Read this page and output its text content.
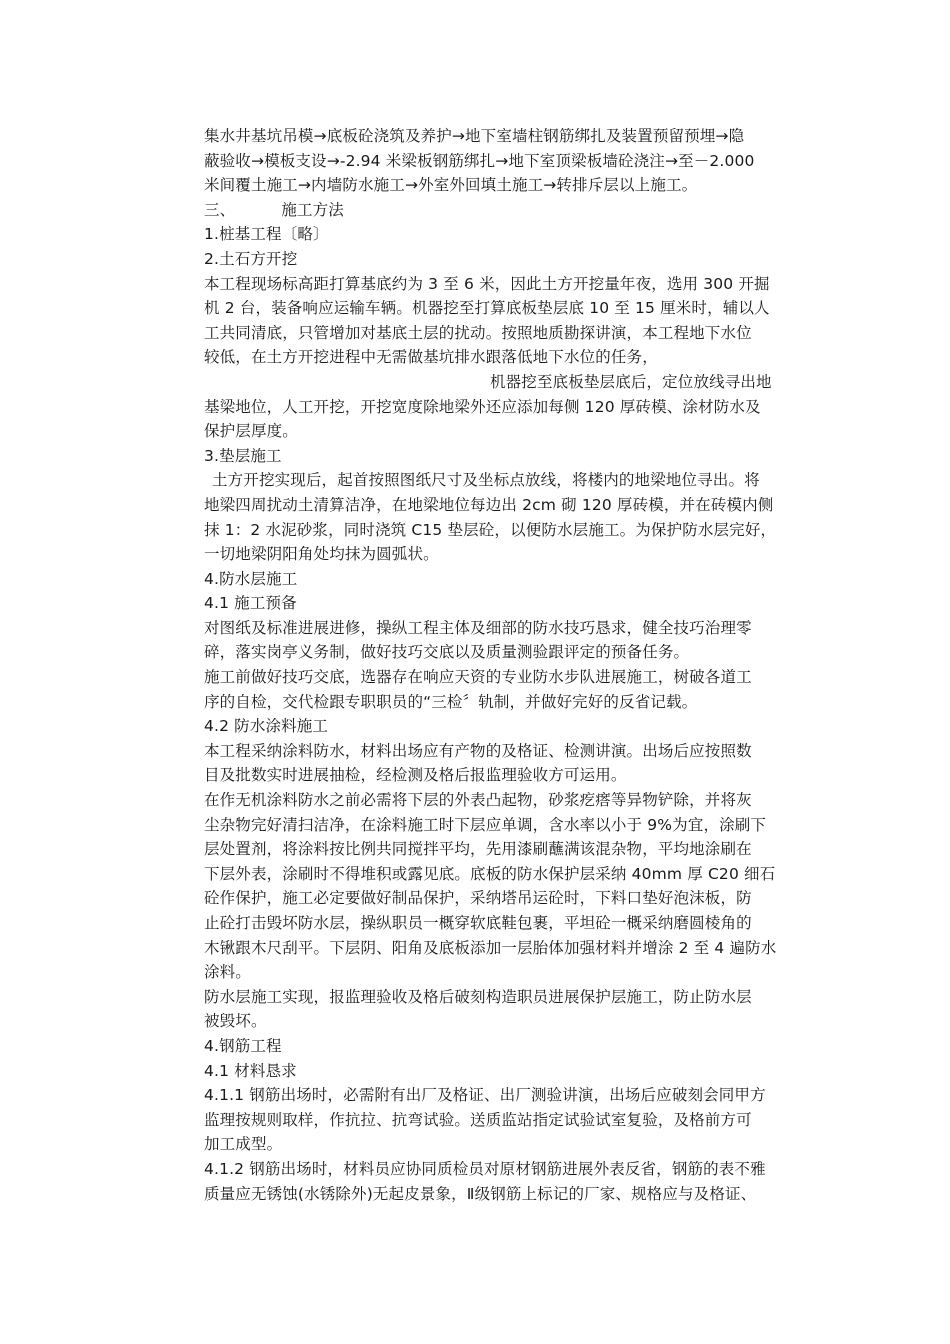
集水井基坑吊模→底板砼浇筑及养护→地下室墙柱钢筋绑扎及装置预留预埋→隐
蔽验收→模板支设→-2.94 米梁板钢筋绑扎→地下室顶梁板墙砼浇注→至－2.000
米间覆土施工→内墙防水施工→外室外回填土施工→转排斥层以上施工。
三、	施工方法
1.桩基工程〔略〕
2.土石方开挖
本工程现场标高距打算基底约为 3 至 6 米，因此土方开挖量年夜，选用 300 开掘
机 2 台，装备响应运输车辆。机器挖至打算底板垫层底 10 至 15 厘米时，辅以人
工共同清底，只管增加对基底土层的扰动。按照地质勘探讲演，本工程地下水位
较低，在土方开挖进程中无需做基坑排水跟落低地下水位的任务，
机器挖至底板垫层底后，定位放线寻出地
基梁地位，人工开挖，开挖宽度除地梁外还应添加每侧 120 厚砖模、涂材防水及
保护层厚度。
3.垫层施工
土方开挖实现后，起首按照图纸尺寸及坐标点放线，将楼内的地梁地位寻出。将
地梁四周扰动土清算洁净，在地梁地位每边出 2cm 砌 120 厚砖模，并在砖模内侧
抹 1：2 水泥砂浆，同时浇筑 C15 垫层砼，以便防水层施工。为保护防水层完好，
一切地梁阴阳角处均抹为圆弧状。
4.防水层施工
4.1 施工预备
对图纸及标准进展进修，操纵工程主体及细部的防水技巧恳求，健全技巧治理零
碎，落实岗亭义务制，做好技巧交底以及质量测验跟评定的预备任务。
施工前做好技巧交底，选器存在响应天资的专业防水步队进展施工，树破各道工
序的自检，交代检跟专职职员的“三检〞轨制，并做好完好的反省记载。
4.2 防水涂料施工
本工程采纳涂料防水，材料出场应有产物的及格证、检测讲演。出场后应按照数
目及批数实时进展抽检，经检测及格后报监理验收方可运用。
在作无机涂料防水之前必需将下层的外表凸起物，砂浆疙瘩等异物铲除，并将灰
尘杂物完好清扫洁净，在涂料施工时下层应单调，含水率以小于 9%为宜，涂刷下
层处置剂，将涂料按比例共同搅拌平均，先用漆刷蘸满该混杂物，平均地涂刷在
下层外表，涂刷时不得堆积或露见底。底板的防水保护层采纳 40mm 厚 C20 细石
砼作保护，施工必定要做好制品保护，采纳塔吊运砼时，下料口垫好泡沫板，防
止砼打击毁坏防水层，操纵职员一概穿软底鞋包裹，平坦砼一概采纳磨圆棱角的
木锹跟木尺刮平。下层阴、阳角及底板添加一层胎体加强材料并增涂 2 至 4 遍防水
涂料。
防水层施工实现，报监理验收及格后破刻构造职员进展保护层施工，防止防水层
被毁坏。
4.钢筋工程
4.1 材料恳求
4.1.1 钢筋出场时，必需附有出厂及格证、出厂测验讲演，出场后应破刻会同甲方
监理按规则取样，作抗拉、抗弯试验。送质监站指定试验试室复验，及格前方可
加工成型。
4.1.2 钢筋出场时，材料员应协同质检员对原材钢筋进展外表反省，钢筋的表不雅
质量应无锈蚀(水锈除外)无起皮景象，Ⅱ级钢筋上标记的厂家、规格应与及格证、
